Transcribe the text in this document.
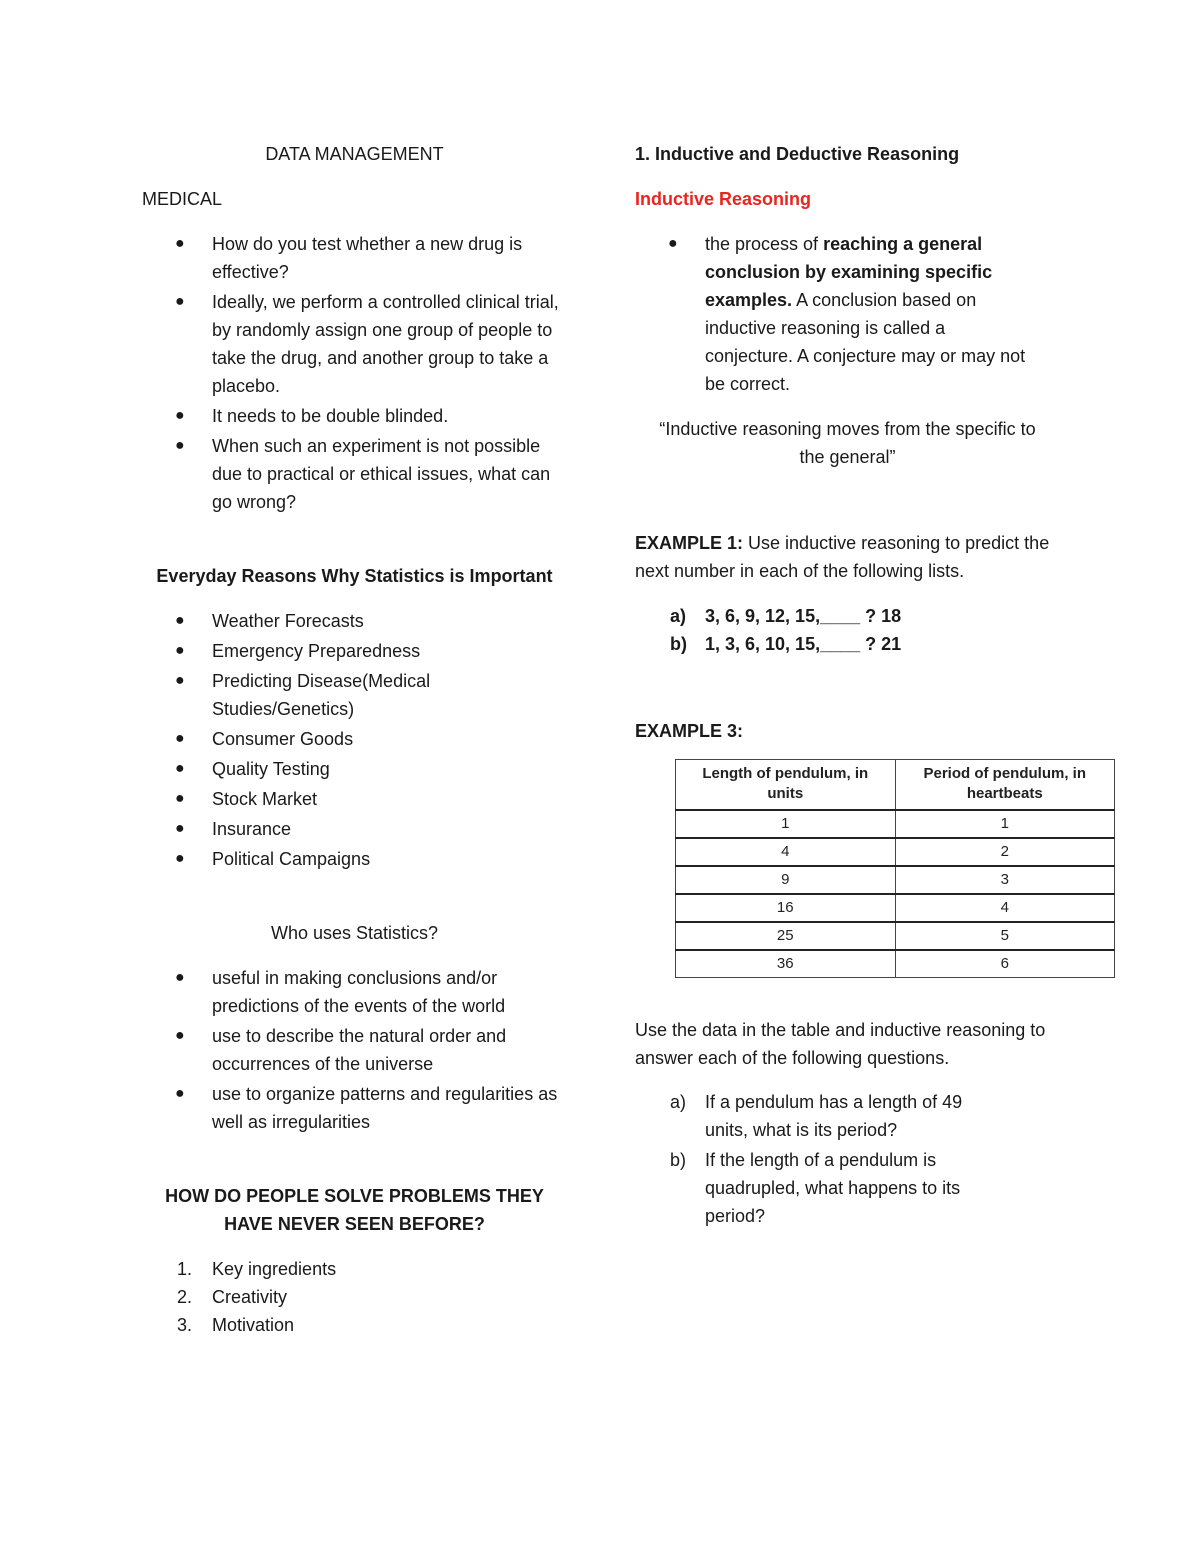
DATA MANAGEMENT

MEDICAL

● How do you test whether a new drug is effective?
● Ideally, we perform a controlled clinical trial, by randomly assign one group of people to take the drug, and another group to take a placebo.
● It needs to be double blinded.
● When such an experiment is not possible due to practical or ethical issues, what can go wrong?

Everyday Reasons Why Statistics is Important

● Weather Forecasts
● Emergency Preparedness
● Predicting Disease(Medical Studies/Genetics)
● Consumer Goods
● Quality Testing
● Stock Market
● Insurance
● Political Campaigns

Who uses Statistics?

● useful in making conclusions and/or predictions of the events of the world
● use to describe the natural order and occurrences of the universe
● use to organize patterns and regularities as well as irregularities

HOW DO PEOPLE SOLVE PROBLEMS THEY HAVE NEVER SEEN BEFORE?

1. Key ingredients
2. Creativity
3. Motivation

1. Inductive and Deductive Reasoning

Inductive Reasoning

● the process of reaching a general conclusion by examining specific examples. A conclusion based on inductive reasoning is called a conjecture. A conjecture may or may not be correct.

“Inductive reasoning moves from the specific to

the general”

EXAMPLE 1: Use inductive reasoning to predict the next number in each of the following lists.

a) 3, 6, 9, 12, 15,____ ? 18
b) 1, 3, 6, 10, 15,____ ? 21

EXAMPLE 3:

Length of pendulum, in units	Period of pendulum, in heartbeats
1	1
4	2
9	3
16	4
25	5
36	6

Use the data in the table and inductive reasoning to answer each of the following questions.

a) If a pendulum has a length of 49 units, what is its period?
b) If the length of a pendulum is quadrupled, what happens to its period?
